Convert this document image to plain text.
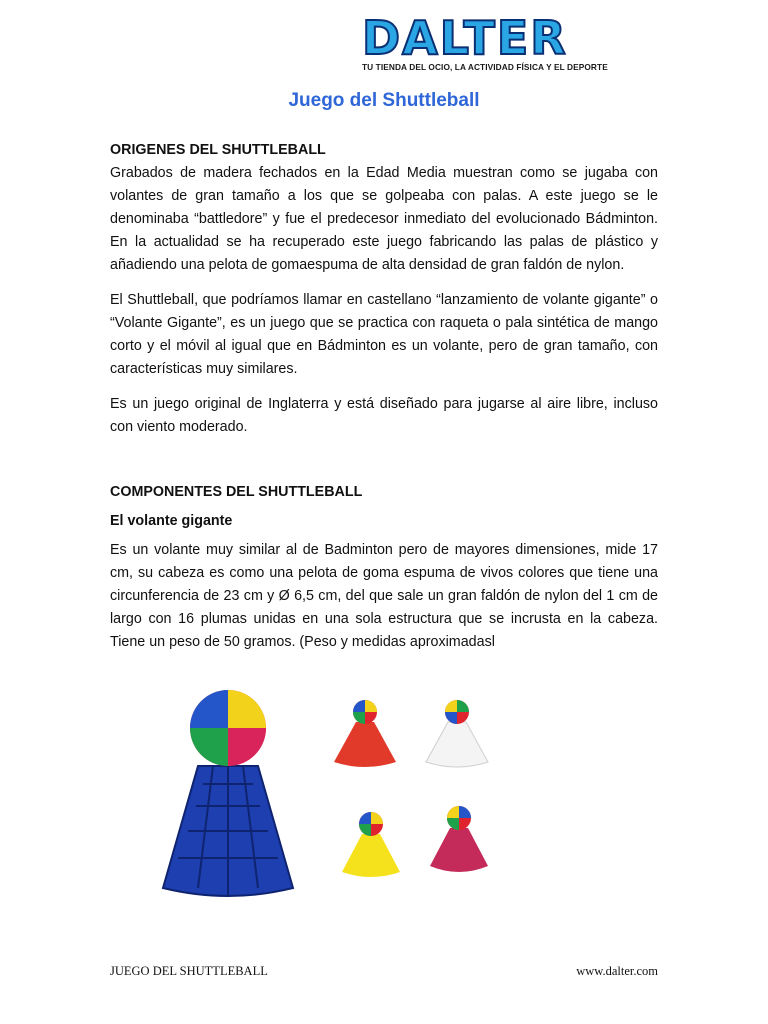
DALTER
TU TIENDA DEL OCIO, LA ACTIVIDAD FÍSICA Y EL DEPORTE
Juego del Shuttleball
ORIGENES DEL SHUTTLEBALL

Grabados de madera fechados en la Edad Media muestran como se jugaba con volantes de gran tamaño a los que se golpeaba con palas. A este juego se le denominaba “battledore” y fue el predecesor inmediato del evolucionado Bádminton. En la actualidad se ha recuperado este juego fabricando las palas de plástico y añadiendo una pelota de gomaespuma de alta densidad de gran faldón de nylon.

El Shuttleball, que podríamos llamar en castellano “lanzamiento de volante gigante” o “Volante Gigante”, es un juego que se practica con raqueta o pala sintética de mango corto y el móvil al igual que en Bádminton es un volante, pero de gran tamaño, con características muy similares.

Es un juego original de Inglaterra y está diseñado para jugarse al aire libre, incluso con viento moderado.

COMPONENTES DEL SHUTTLEBALL
El volante gigante

Es un volante muy similar al de Badminton pero de mayores dimensiones, mide 17 cm, su cabeza es como una pelota de goma espuma de vivos colores que tiene una circunferencia de 23 cm y Ø 6,5 cm, del que sale un gran faldón de nylon del 1 cm de largo con 16 plumas unidas en una sola estructura que se incrusta en la cabeza. Tiene un peso de 50 gramos. (Peso y medidas aproximadasl

JUEGO DEL SHUTTLEBALL	www.dalter.com
